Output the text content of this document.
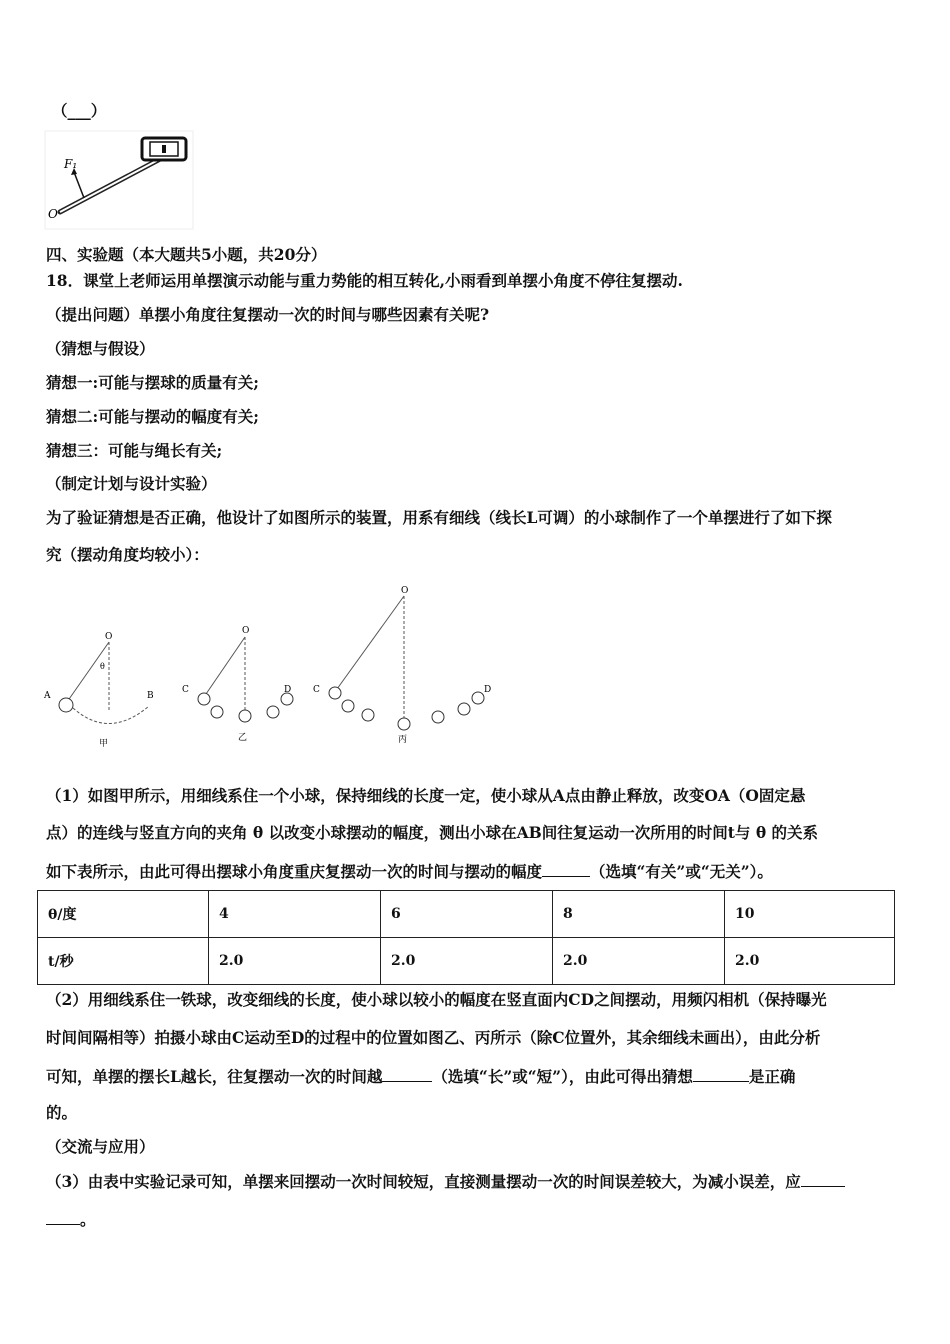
（___）
F₁
O
四、实验题（本大题共5小题，共20分）
18．课堂上老师运用单摆演示动能与重力势能的相互转化,小雨看到单摆小角度不停往复摆动.
（提出问题）单摆小角度往复摆动一次的时间与哪些因素有关呢?
（猜想与假设）
猜想一:可能与摆球的质量有关;
猜想二:可能与摆动的幅度有关;
猜想三：可能与绳长有关;
（制定计划与设计实验）
为了验证猜想是否正确，他设计了如图所示的装置，用系有细线（线长L可调）的小球制作了一个单摆进行了如下探
究（摆动角度均较小）：
O
θ
A	B
甲
O
C	D
乙
O
C	D
丙
（1）如图甲所示，用细线系住一个小球，保持细线的长度一定，使小球从A点由静止释放，改变OA（O固定悬
点）的连线与竖直方向的夹角 θ 以改变小球摆动的幅度，测出小球在AB间往复运动一次所用的时间t与 θ 的关系
如下表所示，由此可得出摆球小角度重庆复摆动一次的时间与摆动的幅度	（选填“有关”或“无关”）。
θ/度	4	6	8	10
t/秒	2.0	2.0	2.0	2.0
（2）用细线系住一铁球，改变细线的长度，使小球以较小的幅度在竖直面内CD之间摆动，用频闪相机（保持曝光
时间间隔相等）拍摄小球由C运动至D的过程中的位置如图乙、丙所示（除C位置外，其余细线未画出），由此分析
可知，单摆的摆长L越长，往复摆动一次的时间越	（选填“长”或“短”），由此可得出猜想	是正确
的。
（交流与应用）
（3）由表中实验记录可知，单摆来回摆动一次时间较短，直接测量摆动一次的时间误差较大，为减小误差，应
。
